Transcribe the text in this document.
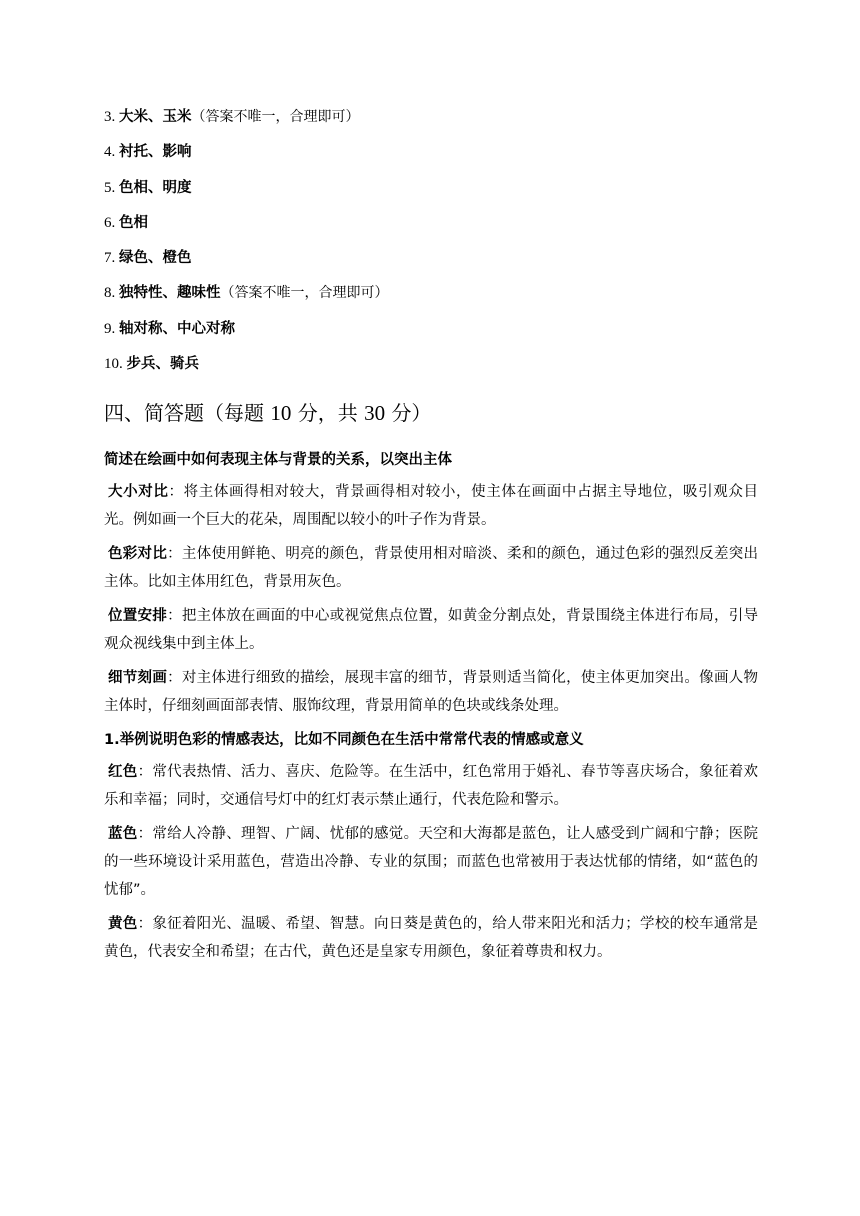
3. 大米、玉米（答案不唯一，合理即可）
4. 衬托、影响
5. 色相、明度
6. 色相
7. 绿色、橙色
8. 独特性、趣味性（答案不唯一，合理即可）
9. 轴对称、中心对称
10. 步兵、骑兵
四、简答题（每题 10 分，共 30 分）
简述在绘画中如何表现主体与背景的关系，以突出主体

大小对比：将主体画得相对较大，背景画得相对较小，使主体在画面中占据主导地位，吸引观众目光。例如画一个巨大的花朵，周围配以较小的叶子作为背景。

色彩对比：主体使用鲜艳、明亮的颜色，背景使用相对暗淡、柔和的颜色，通过色彩的强烈反差突出主体。比如主体用红色，背景用灰色。

位置安排：把主体放在画面的中心或视觉焦点位置，如黄金分割点处，背景围绕主体进行布局，引导观众视线集中到主体上。

细节刻画：对主体进行细致的描绘，展现丰富的细节，背景则适当简化，使主体更加突出。像画人物主体时，仔细刻画面部表情、服饰纹理，背景用简单的色块或线条处理。

1.举例说明色彩的情感表达，比如不同颜色在生活中常常代表的情感或意义

红色：常代表热情、活力、喜庆、危险等。在生活中，红色常用于婚礼、春节等喜庆场合，象征着欢乐和幸福；同时，交通信号灯中的红灯表示禁止通行，代表危险和警示。

蓝色：常给人冷静、理智、广阔、忧郁的感觉。天空和大海都是蓝色，让人感受到广阔和宁静；医院的一些环境设计采用蓝色，营造出冷静、专业的氛围；而蓝色也常被用于表达忧郁的情绪，如“蓝色的忧郁”。

黄色：象征着阳光、温暖、希望、智慧。向日葵是黄色的，给人带来阳光和活力；学校的校车通常是黄色，代表安全和希望；在古代，黄色还是皇家专用颜色，象征着尊贵和权力。
